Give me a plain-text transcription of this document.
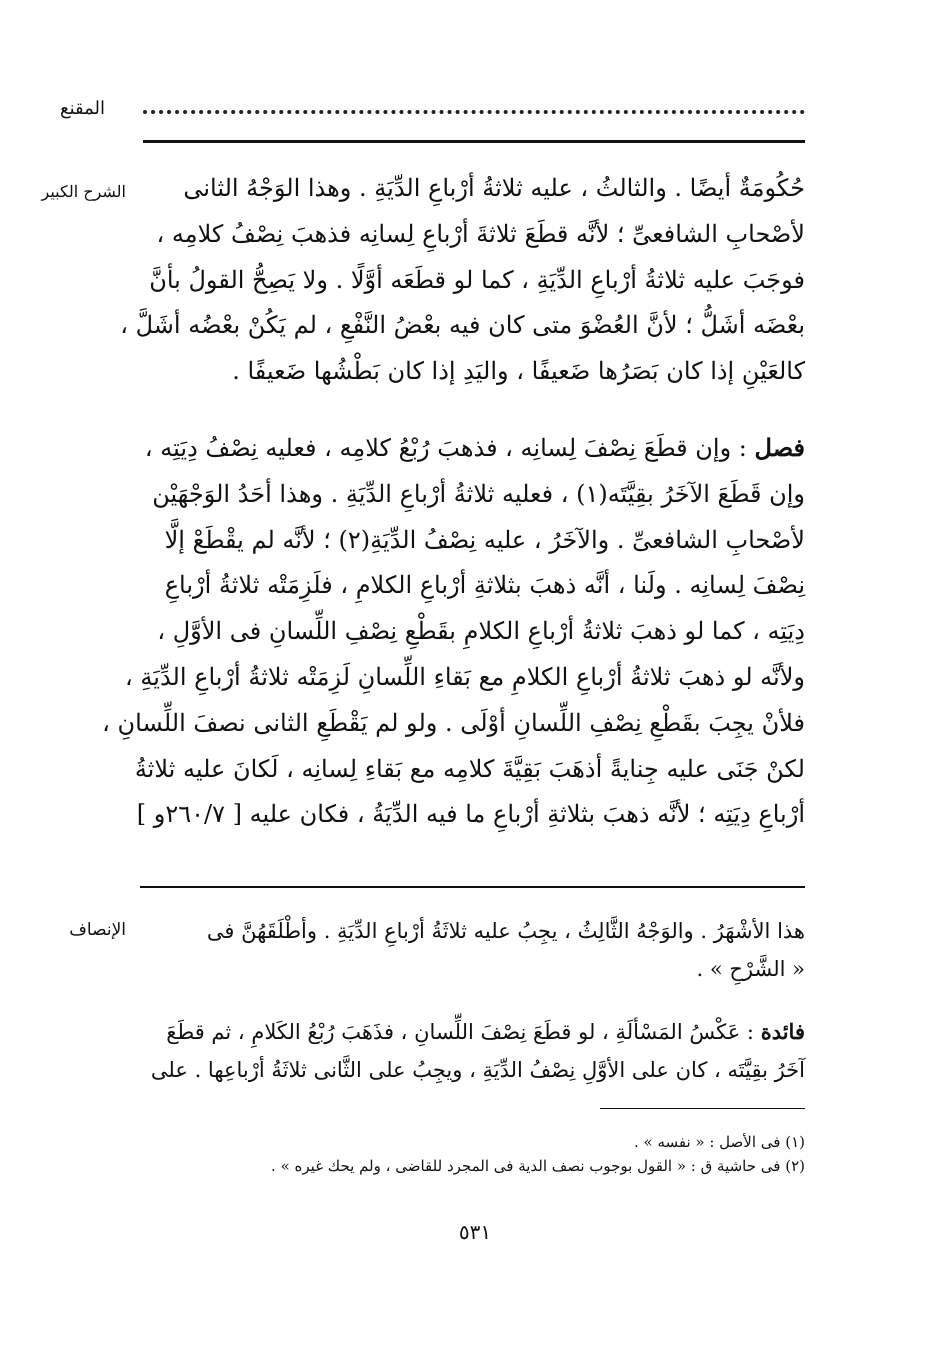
المقنع
الشرح الكبير	حُكُومَةٌ أيضًا . والثالثُ ، عليه ثلاثةُ أرْباعِ الدِّيَةِ . وهذا الوَجْهُ الثانى
لأصْحابِ الشافعىِّ ؛ لأنَّه قطَعَ ثلاثةَ أرْباعِ لِسانِه فذهبَ نِصْفُ كلامِه ،
فوجَبَ عليه ثلاثةُ أرْباعِ الدِّيَةِ ، كما لو قطَعَه أوَّلًا . ولا يَصِحُّ القولُ بأنَّ
بعْضَه أشَلُّ ؛ لأنَّ العُضْوَ متى كان فيه بعْضُ النَّفْعِ ، لم يَكُنْ بعْضُه أشَلَّ ،
كالعَيْنِ إذا كان بَصَرُها ضَعيفًا ، واليَدِ إذا كان بَطْشُها ضَعيفًا .
فصل : وإن قطَعَ نِصْفَ لِسانِه ، فذهبَ رُبْعُ كلامِه ، فعليه نِصْفُ دِيَتِه ،
وإن قَطَعَ الآخَرُ بقِيَّتَه(١) ، فعليه ثلاثةُ أرْباعِ الدِّيَةِ . وهذا أحَدُ الوَجْهَيْن
لأصْحابِ الشافعىِّ . والآخَرُ ، عليه نِصْفُ الدِّيَةِ(٢) ؛ لأنَّه لم يقْطَعْ إلَّا
نِصْفَ لِسانِه . ولَنا ، أنَّه ذهبَ بثلاثةِ أرْباعِ الكلامِ ، فلَزِمَتْه ثلاثةُ أرْباعِ
دِيَتِه ، كما لو ذهبَ ثلاثةُ أرْباعِ الكلامِ بقَطْعِ نِصْفِ اللِّسانِ فى الأوَّلِ ،
ولأنَّه لو ذهبَ ثلاثةُ أرْباعِ الكلامِ مع بَقاءِ اللِّسانِ لَزِمَتْه ثلاثةُ أرْباعِ الدِّيَةِ ،
فلأنْ يجِبَ بقَطْعِ نِصْفِ اللِّسانِ أوْلَى . ولو لم يَقْطَعِ الثانى نصفَ اللِّسانِ ،
لكنْ جَنَى عليه جِنايةً أذهَبَ بَقِيَّةَ كلامِه مع بَقاءِ لِسانِه ، لَكانَ عليه ثلاثةُ
أرْباعِ دِيَتِه ؛ لأنَّه ذهبَ بثلاثةِ أرْباعِ ما فيه الدِّيَةُ ، فكان عليه [ ٢٦٠/٧و ]
الإنصاف	هذا الأشْهَرُ . والوَجْهُ الثَّالِثُ ، يجِبُ عليه ثلاثَةُ أرْباعِ الدِّيَةِ . وأطْلَقَهُنَّ فى
« الشَّرْحِ » .
فائدة : عَكْسُ المَسْألَةِ ، لو قطَعَ نِصْفَ اللِّسانِ ، فذَهَبَ رُبْعُ الكَلامِ ، ثم قطَعَ
آخَرُ بقِيَّتَه ، كان على الأوَّلِ نِصْفُ الدِّيَةِ ، ويجِبُ على الثَّانى ثلاثَةُ أرْباعِها . على
(١) فى الأصل : « نفسه » .
(٢) فى حاشية ق : « القول بوجوب نصف الدية فى المجرد للقاضى ، ولم يحك غيره » .
٥٣١
